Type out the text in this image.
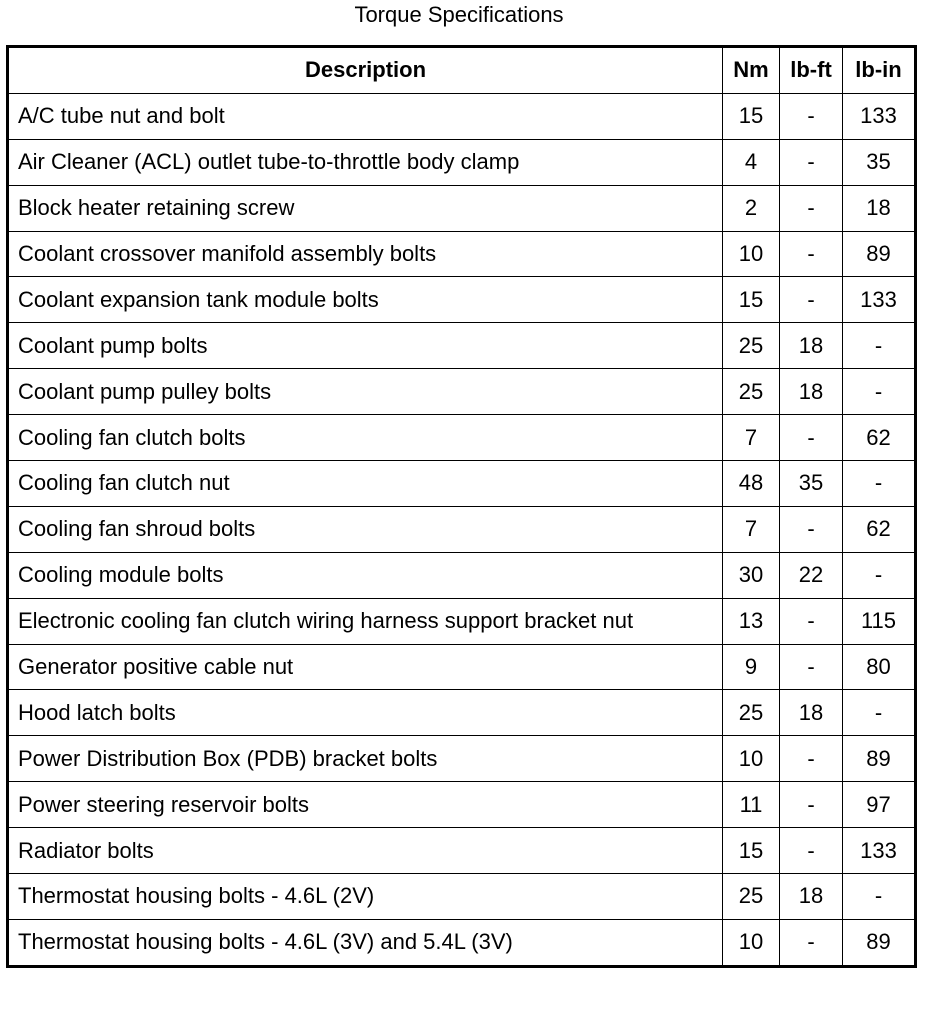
Torque Specifications
Description	Nm	lb-ft	lb-in
A/C tube nut and bolt	15	-	133
Air Cleaner (ACL) outlet tube-to-throttle body clamp	4	-	35
Block heater retaining screw	2	-	18
Coolant crossover manifold assembly bolts	10	-	89
Coolant expansion tank module bolts	15	-	133
Coolant pump bolts	25	18	-
Coolant pump pulley bolts	25	18	-
Cooling fan clutch bolts	7	-	62
Cooling fan clutch nut	48	35	-
Cooling fan shroud bolts	7	-	62
Cooling module bolts	30	22	-
Electronic cooling fan clutch wiring harness support bracket nut	13	-	115
Generator positive cable nut	9	-	80
Hood latch bolts	25	18	-
Power Distribution Box (PDB) bracket bolts	10	-	89
Power steering reservoir bolts	11	-	97
Radiator bolts	15	-	133
Thermostat housing bolts - 4.6L (2V)	25	18	-
Thermostat housing bolts - 4.6L (3V) and 5.4L (3V)	10	-	89
